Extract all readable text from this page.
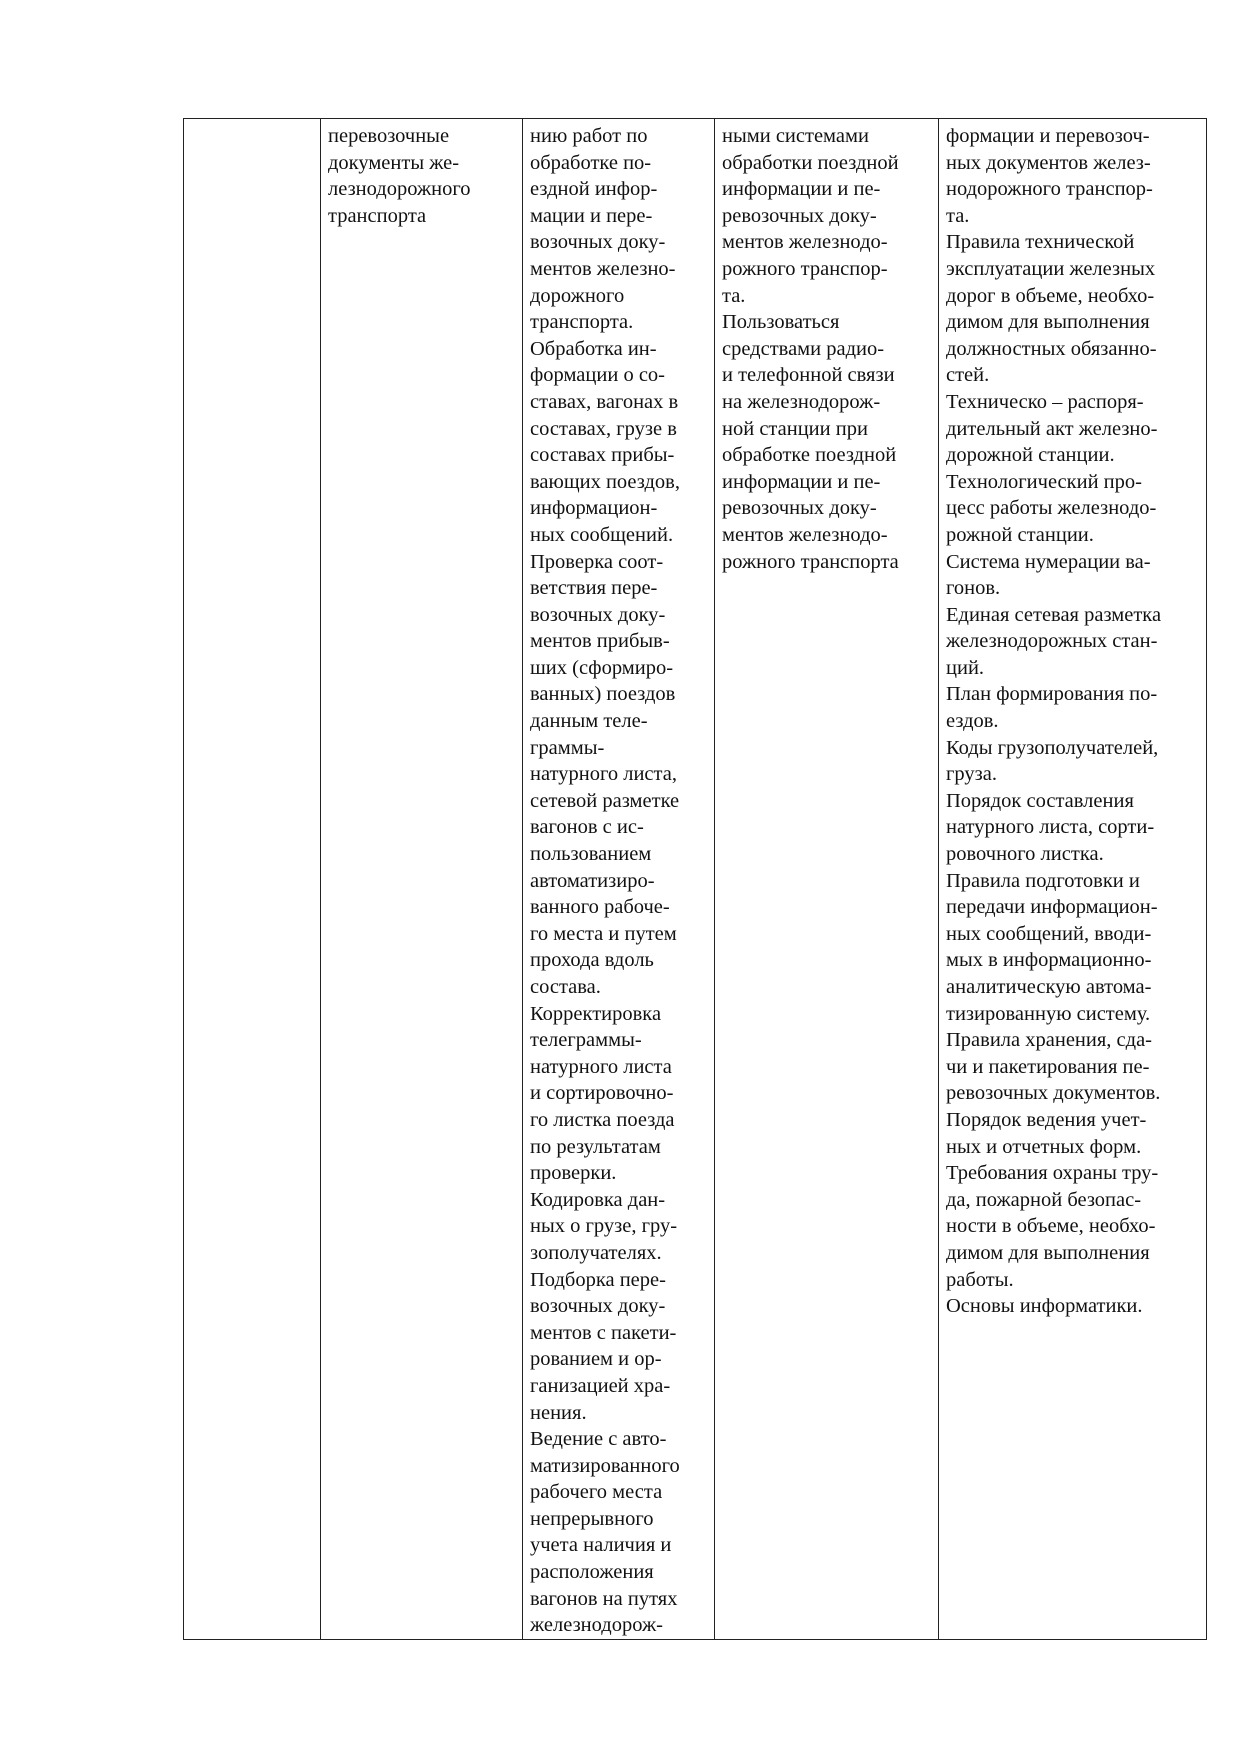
перевозочные
документы же-
лезнодорожного
транспорта

нию работ по
обработке по-
ездной инфор-
мации и пере-
возочных доку-
ментов железно-
дорожного
транспорта.
Обработка ин-
формации о со-
ставах, вагонах в
составах, грузе в
составах прибы-
вающих поездов,
информацион-
ных сообщений.
Проверка соот-
ветствия пере-
возочных доку-
ментов прибыв-
ших (сформиро-
ванных) поездов
данным теле-
граммы-
натурного листа,
сетевой разметке
вагонов с ис-
пользованием
автоматизиро-
ванного рабоче-
го места и путем
прохода вдоль
состава.
Корректировка
телеграммы-
натурного листа
и сортировочно-
го листка поезда
по результатам
проверки.
Кодировка дан-
ных о грузе, гру-
зополучателях.
Подборка пере-
возочных доку-
ментов с пакети-
рованием и ор-
ганизацией хра-
нения.
Ведение с авто-
матизированного
рабочего места
непрерывного
учета наличия и
расположения
вагонов на путях
железнодорож-

ными системами
обработки поездной
информации и пе-
ревозочных доку-
ментов железнодо-
рожного транспор-
та.
Пользоваться
средствами радио-
и телефонной связи
на железнодорож-
ной станции при
обработке поездной
информации и пе-
ревозочных доку-
ментов железнодо-
рожного транспорта

формации и перевозоч-
ных документов желез-
нодорожного транспор-
та.
Правила технической
эксплуатации железных
дорог в объеме, необхо-
димом для выполнения
должностных обязанно-
стей.
Техническо – распоря-
дительный акт железно-
дорожной станции.
Технологический про-
цесс работы железнодо-
рожной станции.
Система нумерации ва-
гонов.
Единая сетевая разметка
железнодорожных стан-
ций.
План формирования по-
ездов.
Коды грузополучателей,
груза.
Порядок составления
натурного листа, сорти-
ровочного листка.
Правила подготовки и
передачи информацион-
ных сообщений, вводи-
мых в информационно-
аналитическую автома-
тизированную систему.
Правила хранения, сда-
чи и пакетирования пе-
ревозочных документов.
Порядок ведения учет-
ных и отчетных форм.
Требования охраны тру-
да, пожарной безопас-
ности в объеме, необхо-
димом для выполнения
работы.
Основы информатики.
